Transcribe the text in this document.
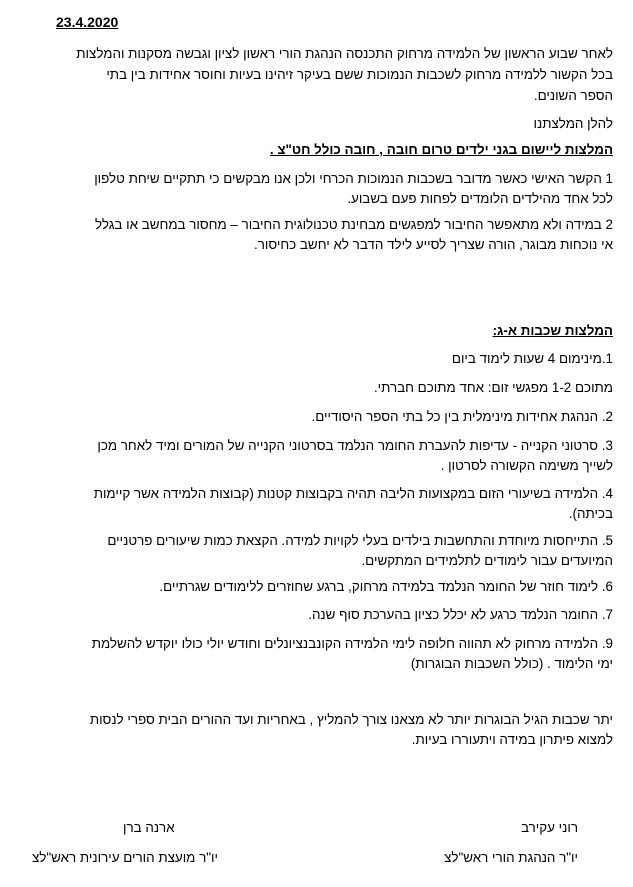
23.4.2020
לאחר שבוע הראשון של הלמידה מרחוק התכנסה הנהגת הורי ראשון לציון וגבשה מסקנות והמלצות
בכל הקשור ללמידה מרחוק לשכבות הנמוכות ששם בעיקר זיהינו בעיות וחוסר אחידות בין בתי
הספר השונים.
להלן המלצתנו
המלצות ליישום בגני ילדים טרום חובה , חובה כולל חט"צ .
1 הקשר האישי כאשר מדובר בשכבות הנמוכות הכרחי ולכן אנו מבקשים כי תתקיים שיחת טלפון
לכל אחד מהילדים הלומדים לפחות פעם בשבוע.
2 במידה ולא מתאפשר החיבור למפגשים מבחינת טכנולוגית החיבור – מחסור במחשב או בגלל
אי נוכחות מבוגר, הורה שצריך לסייע לילד הדבר לא יחשב כחיסור.
המלצות שכבות א-ג:
1.מינימום 4 שעות לימוד ביום
מתוכם 1-2 מפגשי זום: אחד מתוכם חברתי.
2. הנהגת אחידות מינימלית בין כל בתי הספר היסודיים.
3. סרטוני הקנייה - עדיפות להעברת החומר הנלמד בסרטוני הקנייה של המורים ומיד לאחר מכן
לשייך משימה הקשורה לסרטון .
4. הלמידה בשיעורי הזום במקצועות הליבה תהיה בקבוצות קטנות (קבוצות הלמידה אשר קיימות
בכיתה).
5. התייחסות מיוחדת והתחשבות בילדים בעלי לקויות למידה. הקצאת כמות שיעורים פרטניים
המיועדים עבור לימודים לתלמידים המתקשים.
6. לימוד חוזר של החומר הנלמד בלמידה מרחוק, ברגע שחוזרים ללימודים שגרתיים.
7. החומר הנלמד כרגע לא יכלל כציון בהערכת סוף שנה.
9. הלמידה מרחוק לא תהווה חלופה לימי הלמידה הקונבנציונלים וחודש יולי כולו יוקדש להשלמת
ימי הלימוד . (כולל השכבות הבוגרות)
יתר שכבות הגיל הבוגרות יותר לא מצאנו צורך להמליץ , באחריות ועד ההורים הבית ספרי לנסות
למצוא פיתרון במידה ויתעוררו בעיות.
רוני עקירב
יו"ר הנהגת הורי ראש"לצ
ארנה ברן
יו"ר מועצת הורים עירונית ראש"לצ
